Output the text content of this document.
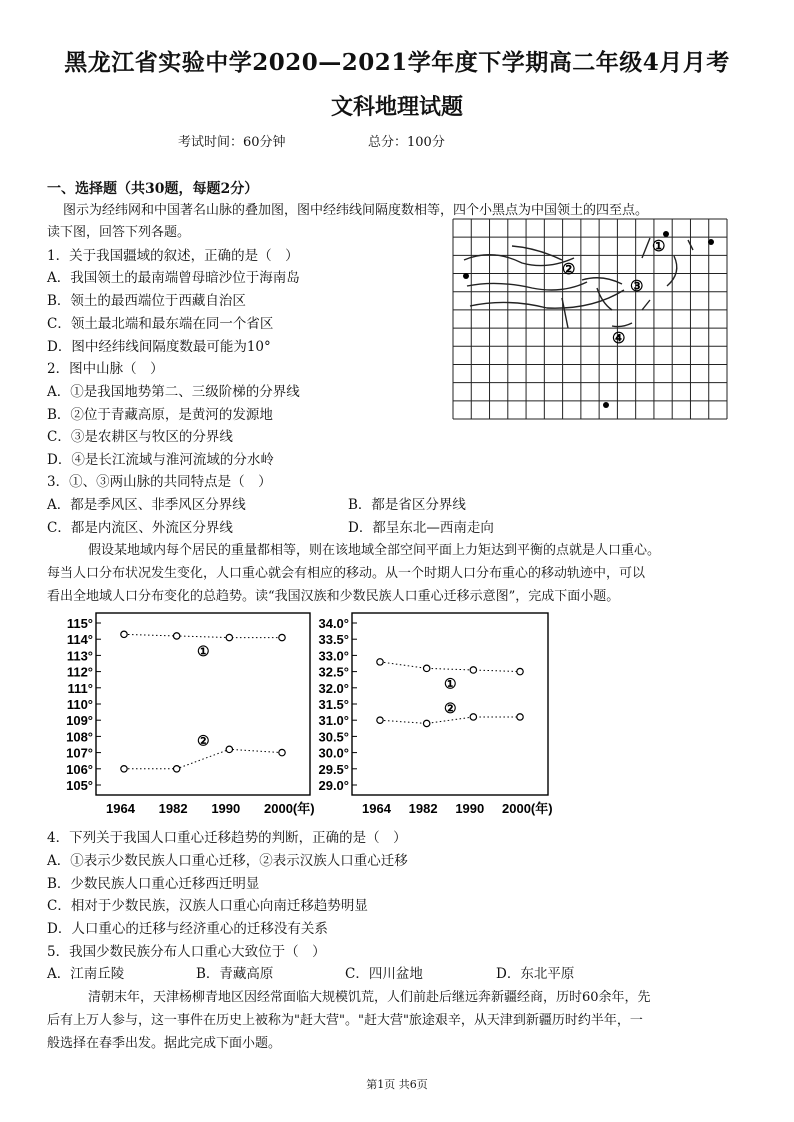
黑龙江省实验中学2020—2021学年度下学期高二年级4月月考
文科地理试题
考试时间：60分钟	总分：100分
一、选择题（共30题，每题2分）
图示为经纬网和中国著名山脉的叠加图，图中经纬线间隔度数相等，四个小黑点为中国领土的四至点。
读下图，回答下列各题。
1．关于我国疆域的叙述，正确的是（　）
A．我国领土的最南端曾母暗沙位于海南岛
B．领土的最西端位于西藏自治区
C．领土最北端和最东端在同一个省区
D．图中经纬线间隔度数最可能为10°
2．图中山脉（　）
A．①是我国地势第二、三级阶梯的分界线
B．②位于青藏高原，是黄河的发源地
C．③是农耕区与牧区的分界线
D．④是长江流域与淮河流域的分水岭
3．①、③两山脉的共同特点是（　）
A．都是季风区、非季风区分界线	B．都是省区分界线
C．都是内流区、外流区分界线	D．都呈东北—西南走向
①
②
③
④
假设某地域内每个居民的重量都相等，则在该地域全部空间平面上力矩达到平衡的点就是人口重心。
每当人口分布状况发生变化，人口重心就会有相应的移动。从一个时期人口分布重心的移动轨迹中，可以
看出全地域人口分布变化的总趋势。读“我国汉族和少数民族人口重心迁移示意图”，完成下面小题。
105°
106°
107°
108°
109°
110°
111°
112°
113°
114°
115°
1964 1982 1990 2000(年)
①
②
29.0°
29.5°
30.0°
30.5°
31.0°
31.5°
32.0°
32.5°
33.0°
33.5°
34.0°
1964 1982 1990 2000(年)
①
②
4．下列关于我国人口重心迁移趋势的判断，正确的是（　）
A．①表示少数民族人口重心迁移，②表示汉族人口重心迁移
B．少数民族人口重心迁移西迁明显
C．相对于少数民族，汉族人口重心向南迁移趋势明显
D．人口重心的迁移与经济重心的迁移没有关系
5．我国少数民族分布人口重心大致位于（　）
A．江南丘陵	B．青藏高原	C．四川盆地	D．东北平原
清朝末年，天津杨柳青地区因经常面临大规模饥荒，人们前赴后继远奔新疆经商，历时60余年，先
后有上万人参与，这一事件在历史上被称为"赶大营"。"赶大营"旅途艰辛，从天津到新疆历时约半年，一
般选择在春季出发。据此完成下面小题。
第1页 共6页
